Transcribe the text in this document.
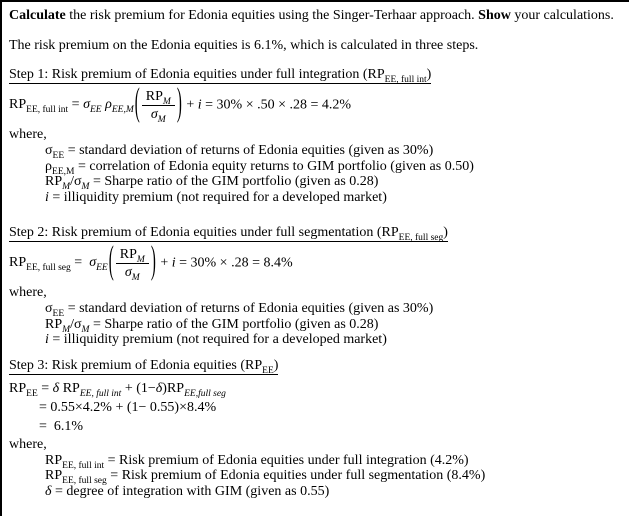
Calculate the risk premium for Edonia equities using the Singer-Terhaar approach. Show your calculations.

The risk premium on the Edonia equities is 6.1%, which is calculated in three steps.

Step 1: Risk premium of Edonia equities under full integration $(RP_{EE, full int})$
$RP_{EE, full int} = \sigma_{EE}$ $\rho_{EE,M}( \frac{RP_M}{\sigma_M}$ ) + i = 30% × .50 × .28 = 4.2%
where,
$\sigma_{EE}$ = standard deviation of returns of Edonia equities (given as 30%)
$\rho_{EE,M}$ = correlation of Edonia equity returns to GIM portfolio (given as 0.50)
$RP_M/\sigma_M$ = Sharpe ratio of the GIM portfolio (given as 0.28)
i = illiquidity premium (not required for a developed market)
Step 2: Risk premium of Edonia equities under full segmentation $(RP_{EE, full seg})$
$RP_{EE, full seg} = \sigma_{EE}( \frac{RP_M}{\sigma_M}$ ) + i = 30% × .28 = 8.4%
where,
$\sigma_{EE}$ = standard deviation of returns of Edonia equities (given as 30%)
$RP_M/\sigma_M$ = Sharpe ratio of the GIM portfolio (given as 0.28)
i = illiquidity premium (not required for a developed market)
Step 3: Risk premium of Edonia equities $(RP_{EE})$
$RP_{EE} = \delta$ $RP_{EE, full int} + (1-\delta)RP_{EE,full seg}$
= 0.55×4.2% + (1− 0.55)×8.4%
=  6.1%
where,
$RP_{EE, full int}$ = Risk premium of Edonia equities under full integration (4.2%)
$RP_{EE, full seg}$ = Risk premium of Edonia equities under full segmentation (8.4%)
δ = degree of integration with GIM (given as 0.55)
